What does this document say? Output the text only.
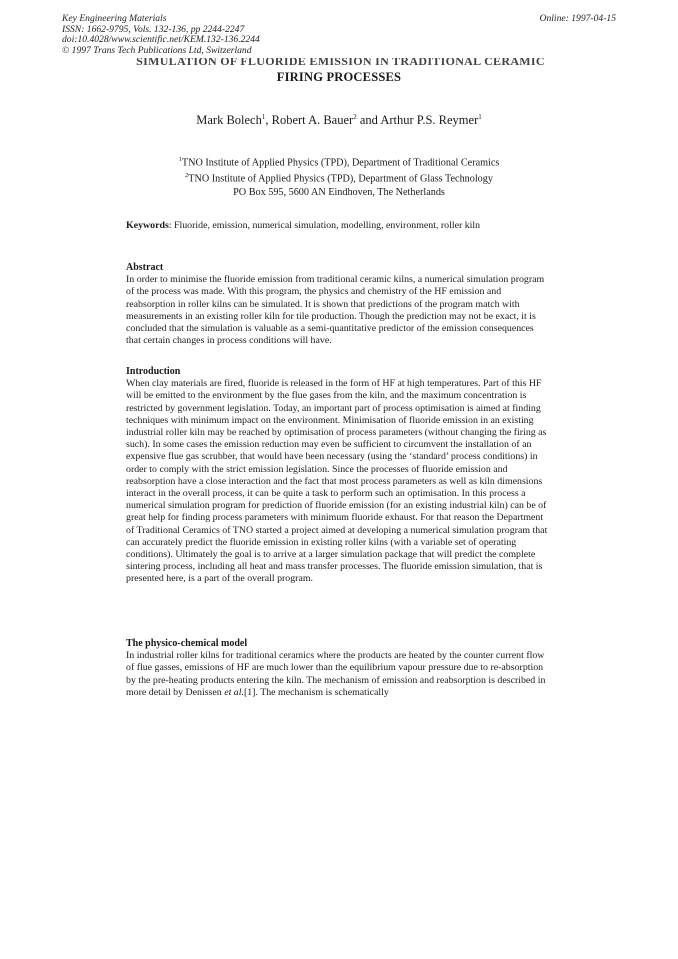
Key Engineering Materials
ISSN: 1662-9795, Vols. 132-136, pp 2244-2247
doi:10.4028/www.scientific.net/KEM.132-136.2244
© 1997 Trans Tech Publications Ltd, Switzerland
Online: 1997-04-15
SIMULATION OF FLUORIDE EMISSION IN TRADITIONAL CERAMIC
FIRING PROCESSES
Mark Bolech$^1$, Robert A. Bauer$^2$ and Arthur P.S. Reymer$^1$
$^1$TNO Institute of Applied Physics (TPD), Department of Traditional Ceramics
$^2$TNO Institute of Applied Physics (TPD), Department of Glass Technology
PO Box 595, 5600 AN Eindhoven, The Netherlands
Keywords: Fluoride, emission, numerical simulation, modelling, environment, roller kiln

Abstract

In order to minimise the fluoride emission from traditional ceramic kilns, a numerical simulation program of the process was made. With this program, the physics and chemistry of the HF emission and reabsorption in roller kilns can be simulated. It is shown that predictions of the program match with measurements in an existing roller kiln for tile production. Though the prediction may not be exact, it is concluded that the simulation is valuable as a semi-quantitative predictor of the emission consequences that certain changes in process conditions will have.

Introduction

When clay materials are fired, fluoride is released in the form of HF at high temperatures. Part of this HF will be emitted to the environment by the flue gases from the kiln, and the maximum concentration is restricted by government legislation. Today, an important part of process optimisation is aimed at finding techniques with minimum impact on the environment. Minimisation of fluoride emission in an existing industrial roller kiln may be reached by optimisation of process parameters (without changing the firing as such). In some cases the emission reduction may even be sufficient to circumvent the installation of an expensive flue gas scrubber, that would have been necessary (using the ‘standard’ process conditions) in order to comply with the strict emission legislation. Since the processes of fluoride emission and reabsorption have a close interaction and the fact that most process parameters as well as kiln dimensions interact in the overall process, it can be quite a task to perform such an optimisation. In this process a numerical simulation program for prediction of fluoride emission (for an existing industrial kiln) can be of great help for finding process parameters with minimum fluoride exhaust. For that reason the Department of Traditional Ceramics of TNO started a project aimed at developing a numerical simulation program that can accurately predict the fluoride emission in existing roller kilns (with a variable set of operating conditions). Ultimately the goal is to arrive at a larger simulation package that will predict the complete sintering process, including all heat and mass transfer processes. The fluoride emission simulation, that is presented here, is a part of the overall program.

The physico-chemical model

In industrial roller kilns for traditional ceramics where the products are heated by the counter current flow of flue gasses, emissions of HF are much lower than the equilibrium vapour pressure due to re-absorption by the pre-heating products entering the kiln. The mechanism of emission and reabsorption is described in more detail by Denissen et al.[1]. The mechanism is schematically
